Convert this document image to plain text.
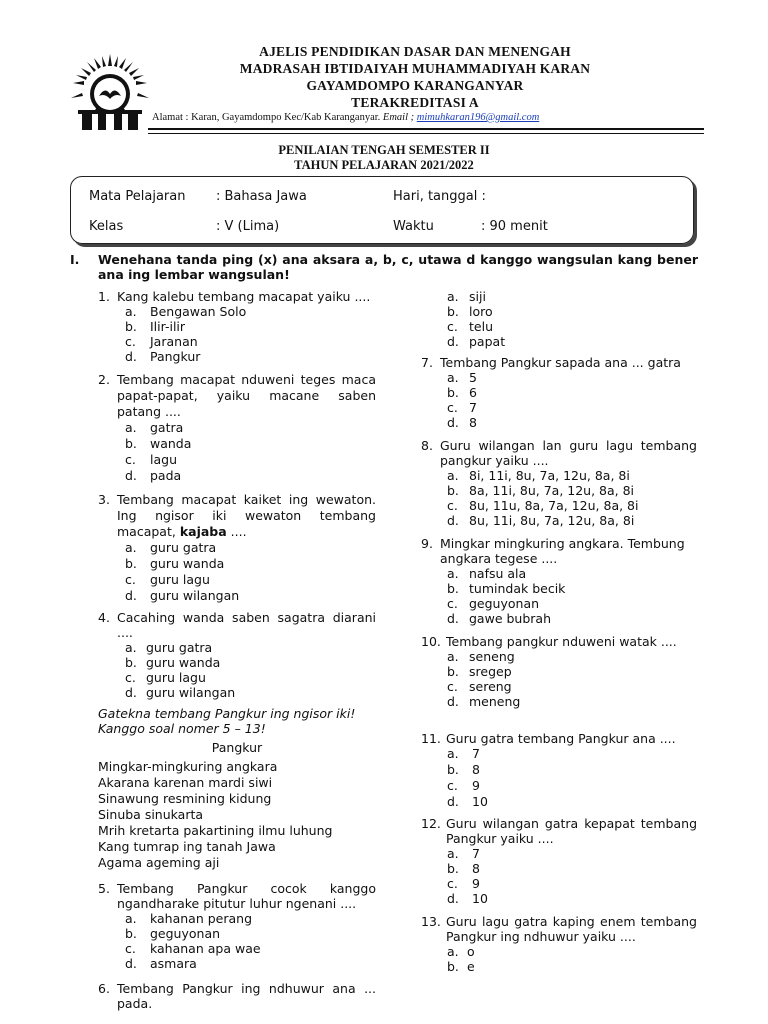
AJELIS PENDIDIKAN DASAR DAN MENENGAH
MADRASAH IBTIDAIYAH MUHAMMADIYAH KARAN
GAYAMDOMPO KARANGANYAR
TERAKREDITASI A
Alamat : Karan, Gayamdompo Kec/Kab Karanganyar. Email ; mimuhkaran196@gmail.com
PENILAIAN TENGAH SEMESTER II
TAHUN PELAJARAN 2021/2022
Mata Pelajaran : Bahasa Jawa	Hari, tanggal :
Kelas	: V (Lima)	Waktu	: 90 menit
I. Wenehana tanda ping (x) ana aksara a, b, c, utawa d kanggo wangsulan kang bener ana ing lembar wangsulan!
1. Kang kalebu tembang macapat yaiku ....
a. Bengawan Solo
b. Ilir-ilir
c. Jaranan
d. Pangkur
2. Tembang macapat nduweni teges maca papat-papat, yaiku macane saben patang ....
a. gatra
b. wanda
c. lagu
d. pada
3. Tembang macapat kaiket ing wewaton. Ing ngisor iki wewaton tembang macapat, kajaba ....
a. guru gatra
b. guru wanda
c. guru lagu
d. guru wilangan
4. Cacahing wanda saben sagatra diarani ....
a. guru gatra
b. guru wanda
c. guru lagu
d. guru wilangan
Gatekna tembang Pangkur ing ngisor iki!
Kanggo soal nomer 5 – 13!
Pangkur
Mingkar-mingkuring angkara
Akarana karenan mardi siwi
Sinawung resmining kidung
Sinuba sinukarta
Mrih kretarta pakartining ilmu luhung
Kang tumrap ing tanah Jawa
Agama ageming aji
5. Tembang Pangkur cocok kanggo ngandharake pitutur luhur ngenani ....
a. kahanan perang
b. geguyonan
c. kahanan apa wae
d. asmara
6. Tembang Pangkur ing ndhuwur ana ... pada.
a. siji
b. loro
c. telu
d. papat
7. Tembang Pangkur sapada ana ... gatra
a. 5
b. 6
c. 7
d. 8
8. Guru wilangan lan guru lagu tembang pangkur yaiku ....
a. 8i, 11i, 8u, 7a, 12u, 8a, 8i
b. 8a, 11i, 8u, 7a, 12u, 8a, 8i
c. 8u, 11u, 8a, 7a, 12u, 8a, 8i
d. 8u, 11i, 8u, 7a, 12u, 8a, 8i
9. Mingkar mingkuring angkara. Tembung angkara tegese ....
a. nafsu ala
b. tumindak becik
c. geguyonan
d. gawe bubrah
10. Tembang pangkur nduweni watak ....
a. seneng
b. sregep
c. sereng
d. meneng
11. Guru gatra tembang Pangkur ana ....
a. 7
b. 8
c. 9
d. 10
12. Guru wilangan gatra kepapat tembang Pangkur yaiku ....
a. 7
b. 8
c. 9
d. 10
13. Guru lagu gatra kaping enem tembang Pangkur ing ndhuwur yaiku ....
a. o
b. e
